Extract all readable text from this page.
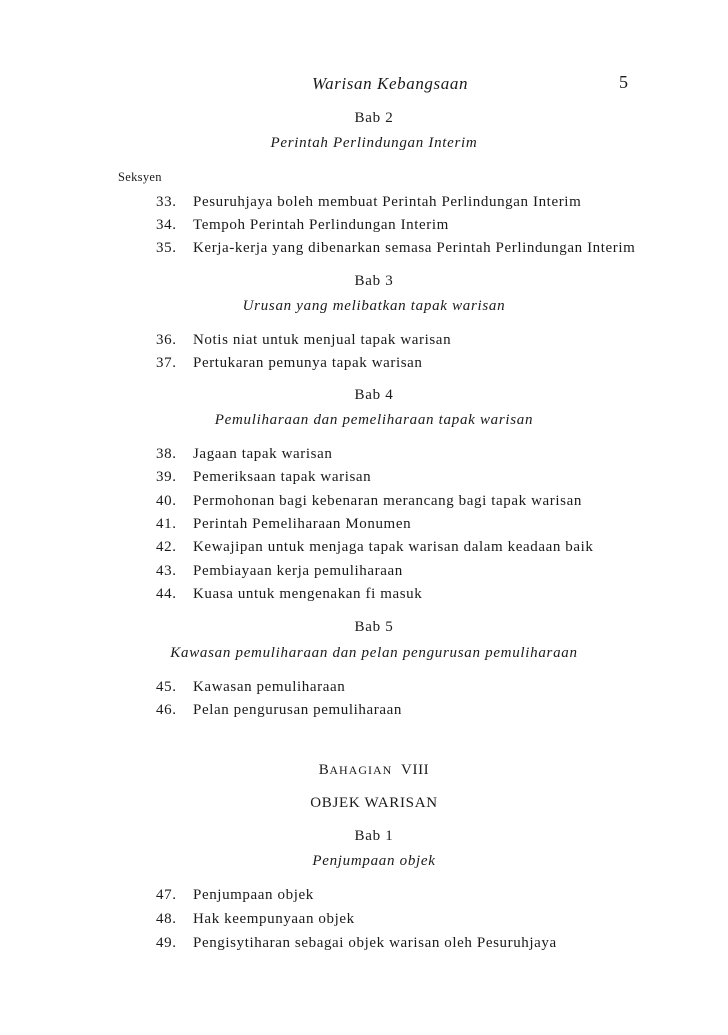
Warisan Kebangsaan	5
Bab 2
Perintah Perlindungan Interim
Seksyen
33.	Pesuruhjaya boleh membuat Perintah Perlindungan Interim
34.	Tempoh Perintah Perlindungan Interim
35.	Kerja-kerja yang dibenarkan semasa Perintah Perlindungan Interim
Bab 3
Urusan yang melibatkan tapak warisan
36.	Notis niat untuk menjual tapak warisan
37.	Pertukaran pemunya tapak warisan
Bab 4
Pemuliharaan dan pemeliharaan tapak warisan
38.	Jagaan tapak warisan
39.	Pemeriksaan tapak warisan
40.	Permohonan bagi kebenaran merancang bagi tapak warisan
41.	Perintah Pemeliharaan Monumen
42.	Kewajipan untuk menjaga tapak warisan dalam keadaan baik
43.	Pembiayaan kerja pemuliharaan
44.	Kuasa untuk mengenakan fi masuk
Bab 5
Kawasan pemuliharaan dan pelan pengurusan pemuliharaan
45.	Kawasan pemuliharaan
46.	Pelan pengurusan pemuliharaan
BAHAGIAN VIII
OBJEK WARISAN
Bab 1
Penjumpaan objek
47.	Penjumpaan objek
48.	Hak keempunyaan objek
49.	Pengisytiharan sebagai objek warisan oleh Pesuruhjaya
